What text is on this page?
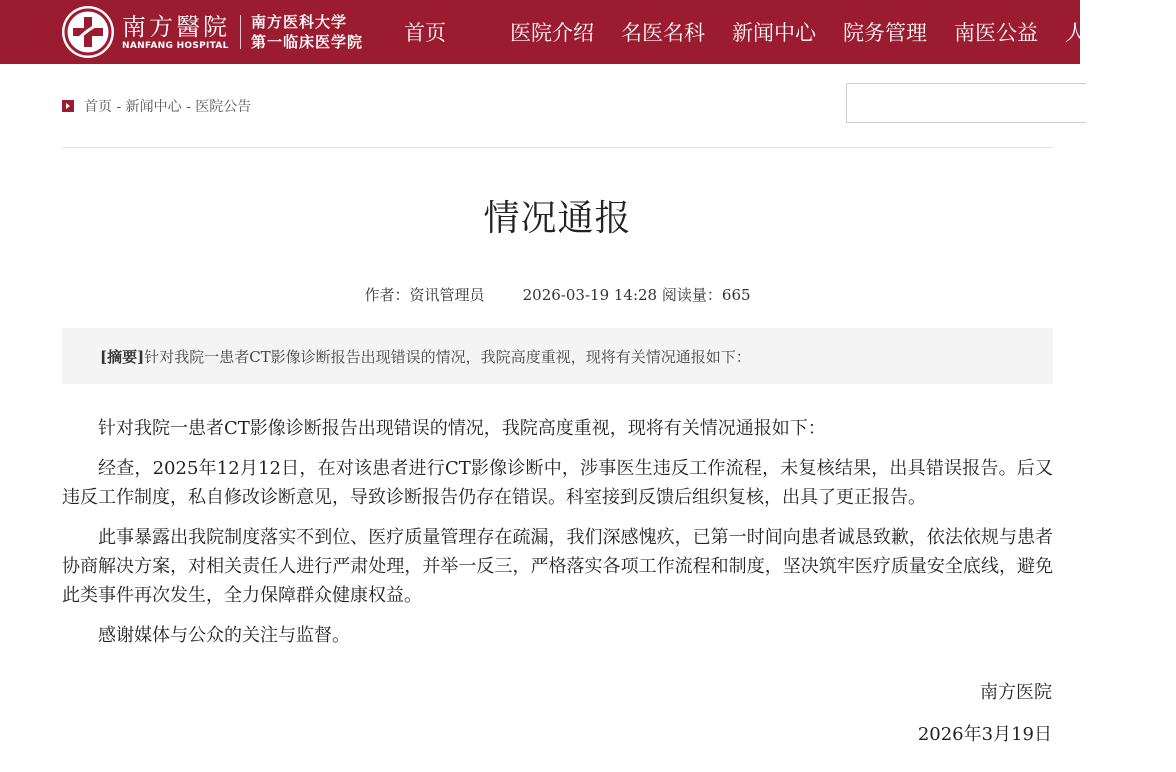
南方醫院
NANFANG HOSPITAL
南方医科大学
第一临床医学院 首页	医院介绍 名医名科 新闻中心 院务管理 南医公益 人才招聘
首页 - 新闻中心 - 医院公告
情况通报
作者：资讯管理员	2026-03-19 14:28 阅读量：665
[摘要] 针对我院一患者CT影像诊断报告出现错误的情况，我院高度重视，现将有关情况通报如下：

针对我院一患者CT影像诊断报告出现错误的情况，我院高度重视，现将有关情况通报如下：

经查，2025年12月12日，在对该患者进行CT影像诊断中，涉事医生违反工作流程，未复核结果，出具错误报告。后又违反工作制度，私自修改诊断意见，导致诊断报告仍存在错误。科室接到反馈后组织复核，出具了更正报告。

此事暴露出我院制度落实不到位、医疗质量管理存在疏漏，我们深感愧疚，已第一时间向患者诚恳致歉，依法依规与患者协商解决方案，对相关责任人进行严肃处理，并举一反三，严格落实各项工作流程和制度，坚决筑牢医疗质量安全底线，避免此类事件再次发生，全力保障群众健康权益。

感谢媒体与公众的关注与监督。

南方医院
2026年3月19日
